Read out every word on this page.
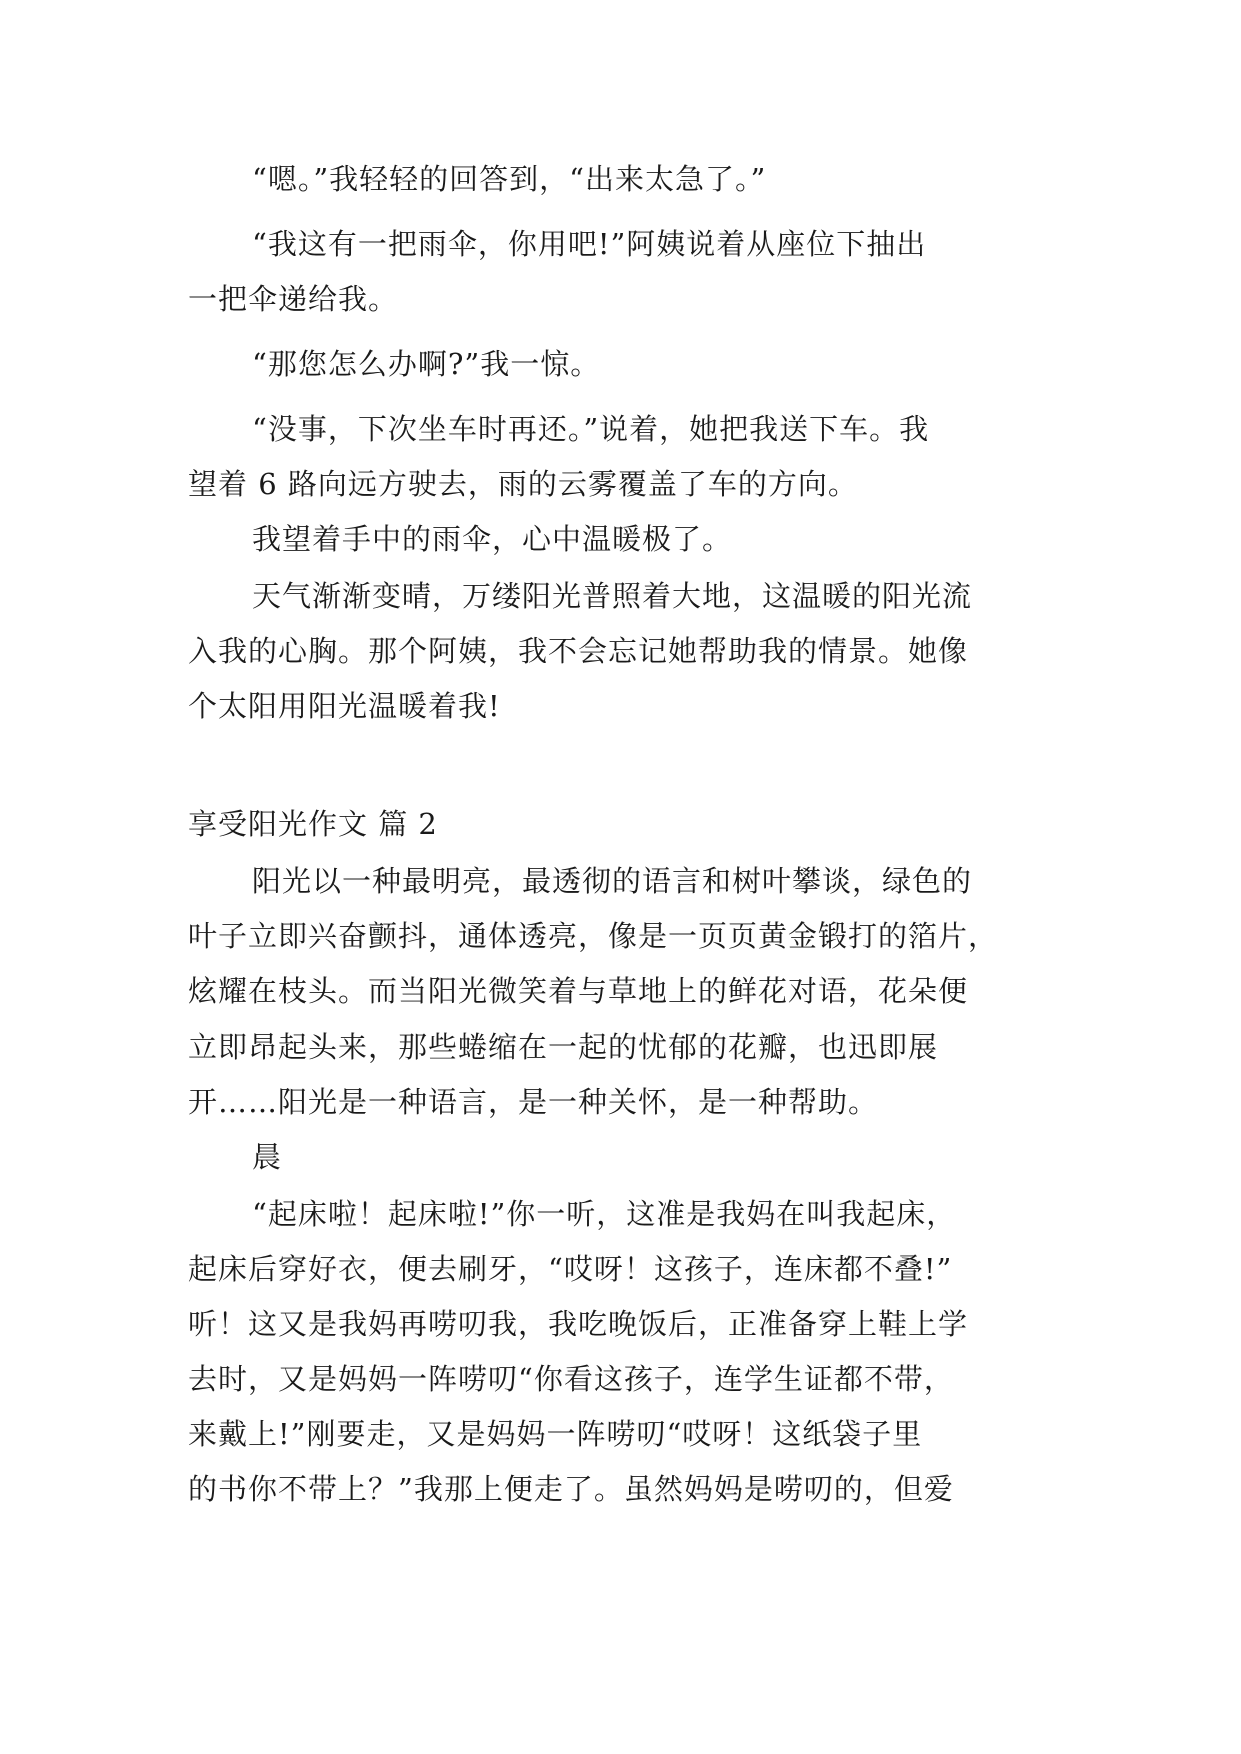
“嗯。”我轻轻的回答到，“出来太急了。”
“我这有一把雨伞，你用吧!”阿姨说着从座位下抽出
一把伞递给我。
“那您怎么办啊?”我一惊。
“没事，下次坐车时再还。”说着，她把我送下车。我
望着 6 路向远方驶去，雨的云雾覆盖了车的方向。
我望着手中的雨伞，心中温暖极了。
天气渐渐变晴，万缕阳光普照着大地，这温暖的阳光流
入我的心胸。那个阿姨，我不会忘记她帮助我的情景。她像
个太阳用阳光温暖着我!
享受阳光作文 篇 2
阳光以一种最明亮，最透彻的语言和树叶攀谈，绿色的
叶子立即兴奋颤抖，通体透亮，像是一页页黄金锻打的箔片，
炫耀在枝头。而当阳光微笑着与草地上的鲜花对语，花朵便
立即昂起头来，那些蜷缩在一起的忧郁的花瓣，也迅即展
开……阳光是一种语言，是一种关怀，是一种帮助。
晨
“起床啦！起床啦!”你一听，这准是我妈在叫我起床，
起床后穿好衣，便去刷牙，“哎呀！这孩子，连床都不叠!”
听！这又是我妈再唠叨我，我吃晚饭后，正准备穿上鞋上学
去时，又是妈妈一阵唠叨“你看这孩子，连学生证都不带，
来戴上!”刚要走，又是妈妈一阵唠叨“哎呀！这纸袋子里
的书你不带上？”我那上便走了。虽然妈妈是唠叨的，但爱
